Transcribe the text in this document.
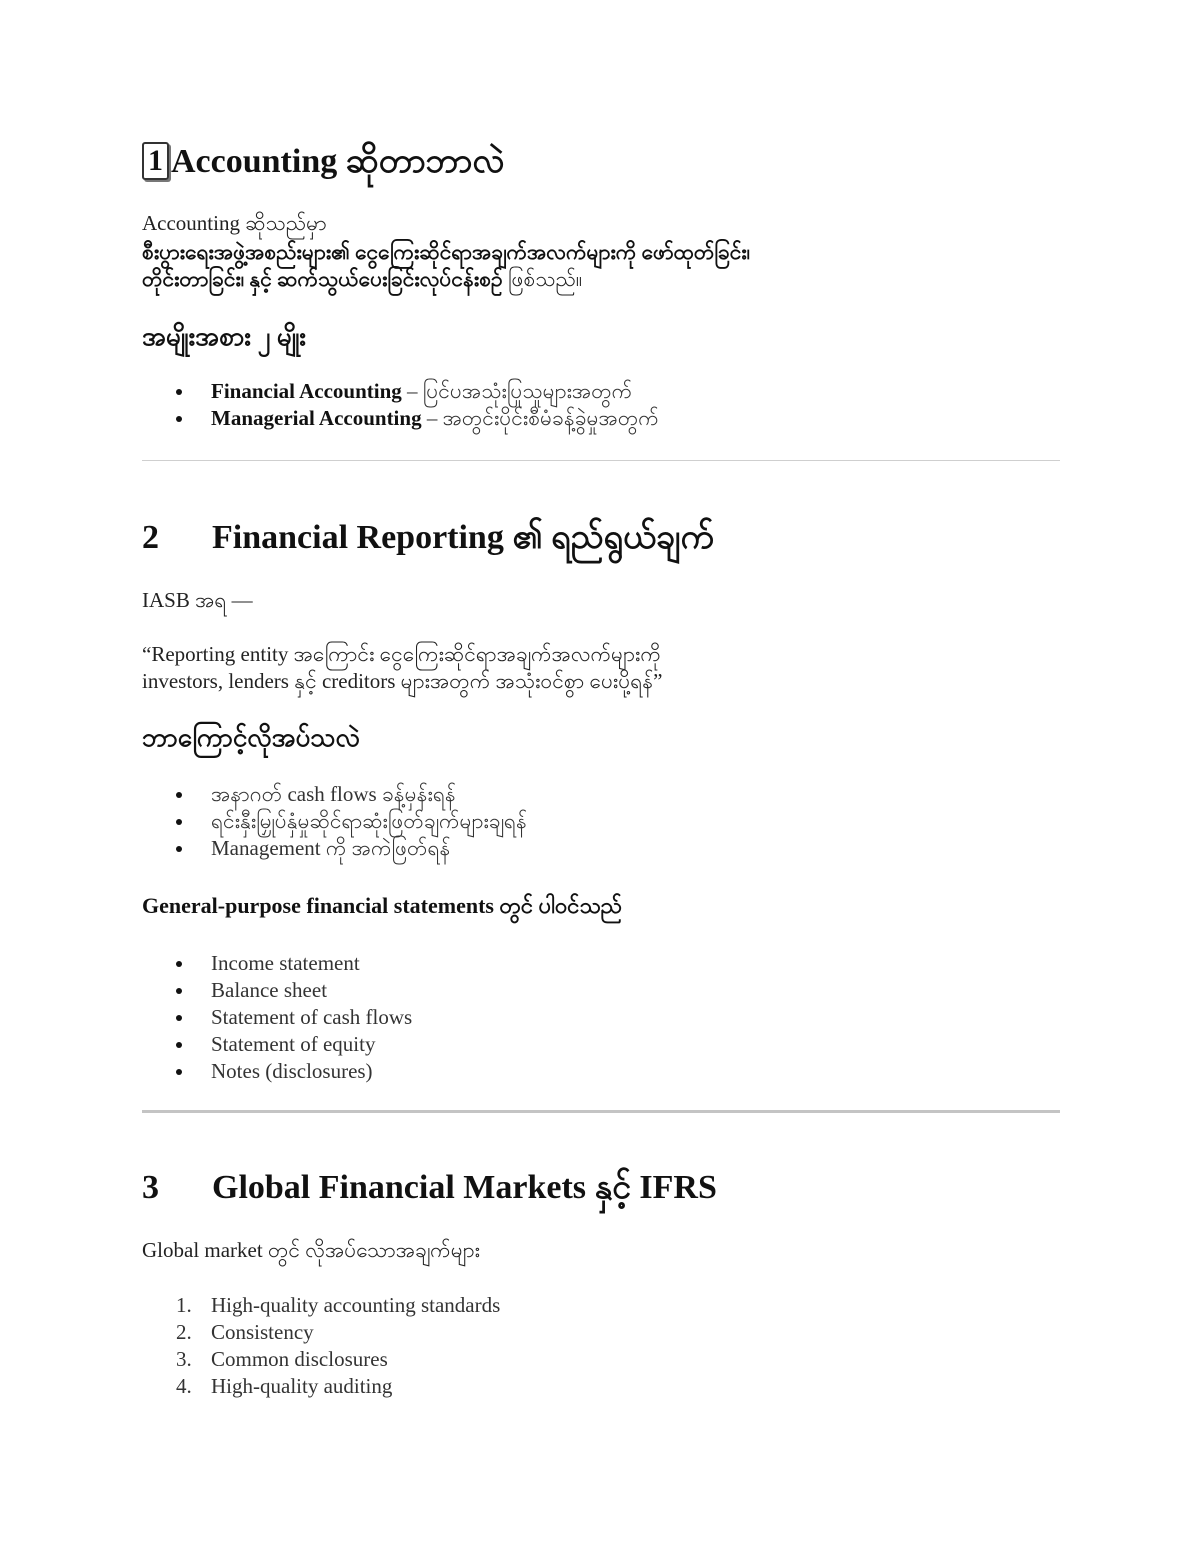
1 Accounting ဆိုတာဘာလဲ
Accounting ဆိုသည်မှာ
စီးပွားရေးအဖွဲ့အစည်းများ၏ ငွေကြေးဆိုင်ရာအချက်အလက်များကို ဖော်ထုတ်ခြင်း၊
တိုင်းတာခြင်း၊ နှင့် ဆက်သွယ်ပေးခြင်းလုပ်ငန်းစဉ် ဖြစ်သည်။
အမျိုးအစား ၂ မျိုး
Financial Accounting – ပြင်ပအသုံးပြုသူများအတွက်
Managerial Accounting – အတွင်းပိုင်းစီမံခန့်ခွဲမှုအတွက်
2 Financial Reporting ၏ ရည်ရွယ်ချက်
IASB အရ —
“Reporting entity အကြောင်း ငွေကြေးဆိုင်ရာအချက်အလက်များကို
investors, lenders နှင့် creditors များအတွက် အသုံးဝင်စွာ ပေးပို့ရန်”
ဘာကြောင့်လိုအပ်သလဲ
အနာဂတ် cash flows ခန့်မှန်းရန်
ရင်းနှီးမြှုပ်နှံမှုဆိုင်ရာဆုံးဖြတ်ချက်များချရန်
Management ကို အကဲဖြတ်ရန်
General-purpose financial statements တွင် ပါဝင်သည်
Income statement
Balance sheet
Statement of cash flows
Statement of equity
Notes (disclosures)
3 Global Financial Markets နှင့် IFRS
Global market တွင် လိုအပ်သောအချက်များ
1. High-quality accounting standards
2. Consistency
3. Common disclosures
4. High-quality auditing
